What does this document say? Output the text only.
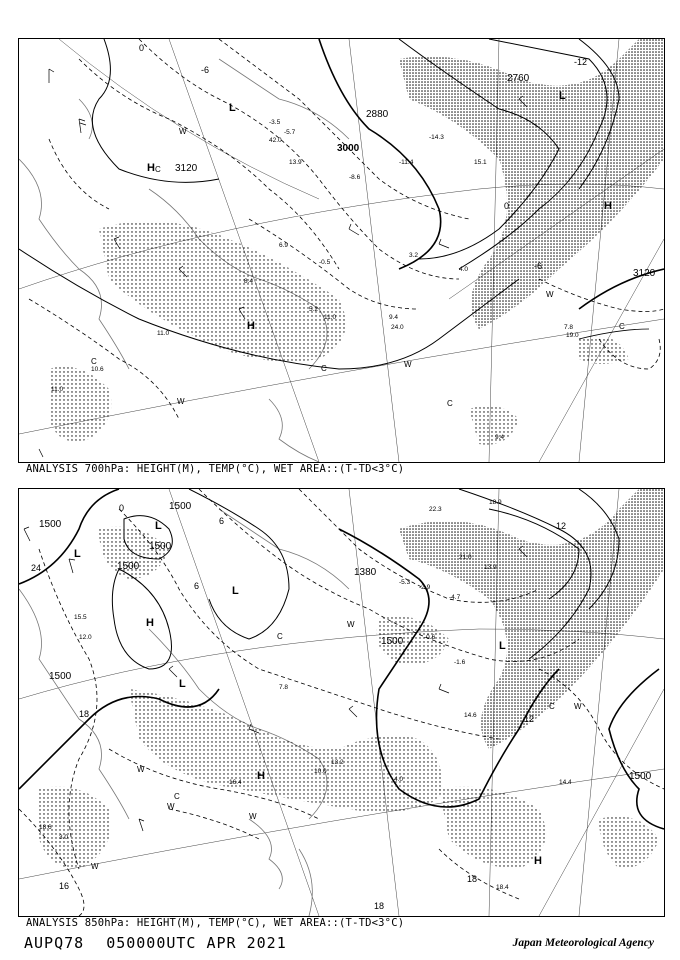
-3.5
-5.7
-11.4
-14.3
4.0
3.2
-0.5
11.0
5.2
9.4
11.0
7.8
9.4
10.6
11.0
8.4
6.9
19.0
24.0
42.0
13.9
-8.6
15.1
3000
2880
2760
3120
3120
H
L
H
H
L
W
C
W
C
W
C
C
W
C
0
-6
-12
-6
0
ANALYSIS 700hPa: HEIGHT(M), TEMP(°C), WET AREA::(T-TD<3°C)
-4.7
-2.9
-5.3
-0.6
3.0
13.9
-1.6
16.4
13.2
18.4
10.0
15.5
4.0
12.0
14.6
14.4
18.9
22.3
21.0
18.6
7.8
1500
1500
1500
1500
1380
1500
1500
1500
L
L
L
H
L
L
H
H
W
C
W
C
C
W
W
W
W
24
18	12
18
18
12
6
6
16
0
ANALYSIS 850hPa: HEIGHT(M), TEMP(°C), WET AREA::(T-TD<3°C)
AUPQ78 050000UTC APR 2021	Japan Meteorological Agency
